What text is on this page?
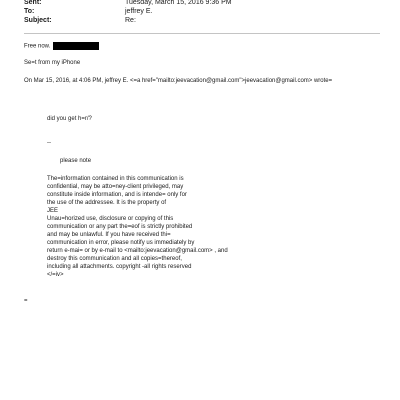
Sent:	Tuesday, March 15, 2016 9:36 PM
To:	jeffrey E.
Subject:	Re:
Free now.
Se=t from my iPhone
On Mar 15, 2016, at 4:06 PM, jeffrey E. <=a href="mailto:jeevacation@gmail.com">jeevacation@gmail.com> wrote=
did you get h=r/?
--
please note
The=information contained in this communication is
confidential, may be atto=ney-client privileged, may
constitute inside information, and is intende= only for
the use of the addressee. It is the property of
JEE
Unau=horized use, disclosure or copying of this
communication or any part the=eof is strictly prohibited
and may be unlawful. If you have received thi=
communication in error, please notify us immediately by
return e-mai= or by e-mail to <mailto:jeevacation@gmail.com> , and
destroy this communication and all copies=thereof,
including all attachments. copyright -all rights reserved
</=iv>
=
